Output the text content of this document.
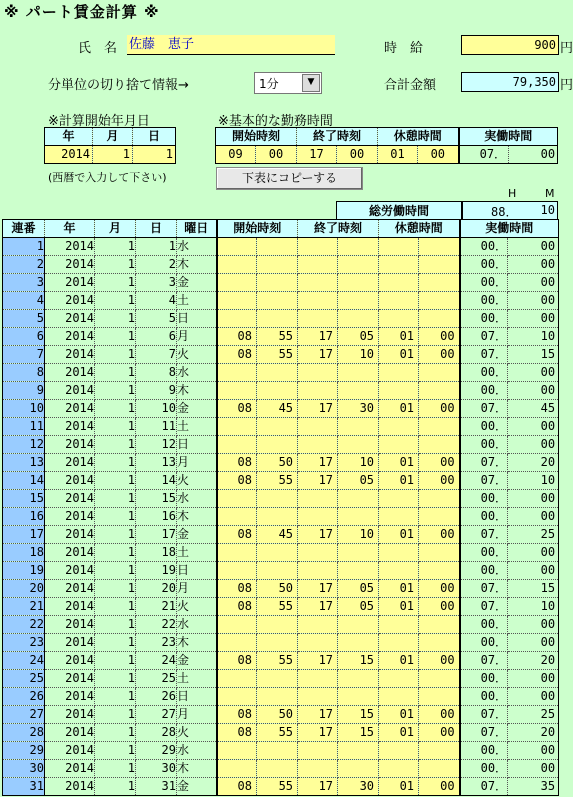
※ パート賃金計算 ※
氏　名 佐藤　恵子	時　給	900 円
分単位の切り捨て情報→	1分	▼	合計金額	79,350 円
※計算開始年月日
年	月	日
2014	1	1
(西暦で入力して下さい)
※基本的な勤務時間
開始時刻		終了時刻		休憩時間		実働時間	
09	00	17	00	01	00	07．	00
下表にコピーする
H	M
総労働時間	88． 10
連番	年	月	日	曜日	開始時刻		終了時刻		休憩時間		実働時間	
1	2014	1	1	水							00．	00
2	2014	1	2	木							00．	00
3	2014	1	3	金							00．	00
4	2014	1	4	土							00．	00
5	2014	1	5	日							00．	00
6	2014	1	6	月	08	55	17	05	01	00	07．	10
7	2014	1	7	火	08	55	17	10	01	00	07．	15
8	2014	1	8	水							00．	00
9	2014	1	9	木							00．	00
10	2014	1	10	金	08	45	17	30	01	00	07．	45
11	2014	1	11	土							00．	00
12	2014	1	12	日							00．	00
13	2014	1	13	月	08	50	17	10	01	00	07．	20
14	2014	1	14	火	08	55	17	05	01	00	07．	10
15	2014	1	15	水							00．	00
16	2014	1	16	木							00．	00
17	2014	1	17	金	08	45	17	10	01	00	07．	25
18	2014	1	18	土							00．	00
19	2014	1	19	日							00．	00
20	2014	1	20	月	08	50	17	05	01	00	07．	15
21	2014	1	21	火	08	55	17	05	01	00	07．	10
22	2014	1	22	水							00．	00
23	2014	1	23	木							00．	00
24	2014	1	24	金	08	55	17	15	01	00	07．	20
25	2014	1	25	土							00．	00
26	2014	1	26	日							00．	00
27	2014	1	27	月	08	50	17	15	01	00	07．	25
28	2014	1	28	火	08	55	17	15	01	00	07．	20
29	2014	1	29	水							00．	00
30	2014	1	30	木							00．	00
31	2014	1	31	金	08	55	17	30	01	00	07．	35
